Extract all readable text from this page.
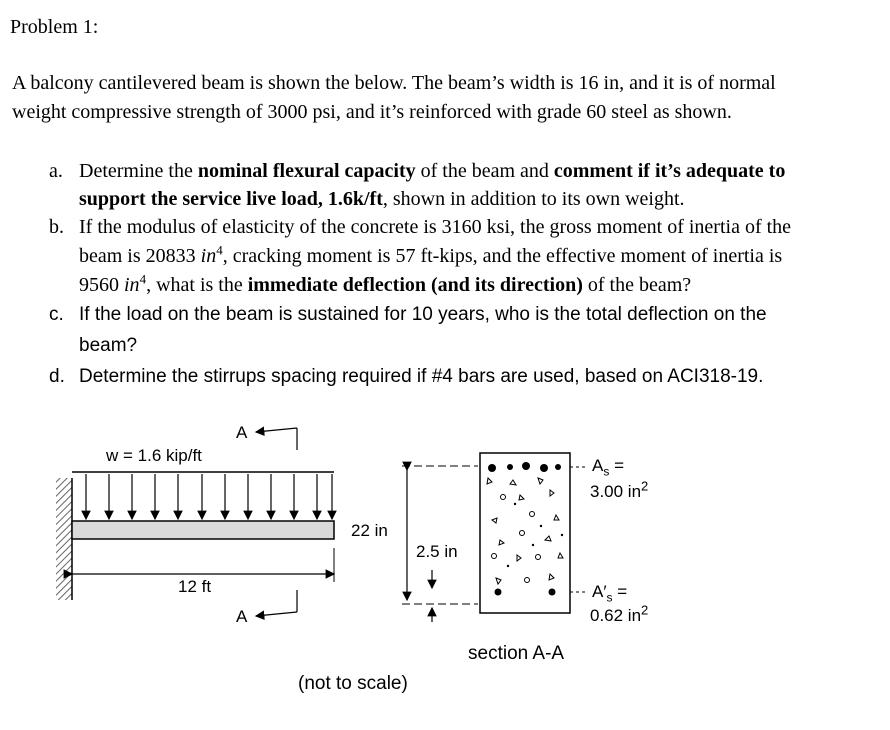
Problem 1:
A balcony cantilevered beam is shown the below. The beam’s width is 16 in, and it is of normal
weight compressive strength of 3000 psi, and it’s reinforced with grade 60 steel as shown.
a. Determine the nominal flexural capacity of the beam and comment if it’s adequate to
support the service live load, 1.6k/ft, shown in addition to its own weight.
b. If the modulus of elasticity of the concrete is 3160 ksi, the gross moment of inertia of the
beam is 20833 $in^4$, cracking moment is 57 ft-kips, and the effective moment of inertia is
9560 $in^4$, what is the immediate deflection (and its direction) of the beam?
c. If the load on the beam is sustained for 10 years, who is the total deflection on the
beam?
d. Determine the stirrups spacing required if #4 bars are used, based on ACI318-19.
w = 1.6 kip/ft
A
12 ft
A
22 in
2.5 in
$A_s$ =
3.00 $in^2$
$A'_s$ =
0.62 $in^2$
section A-A
(not to scale)
